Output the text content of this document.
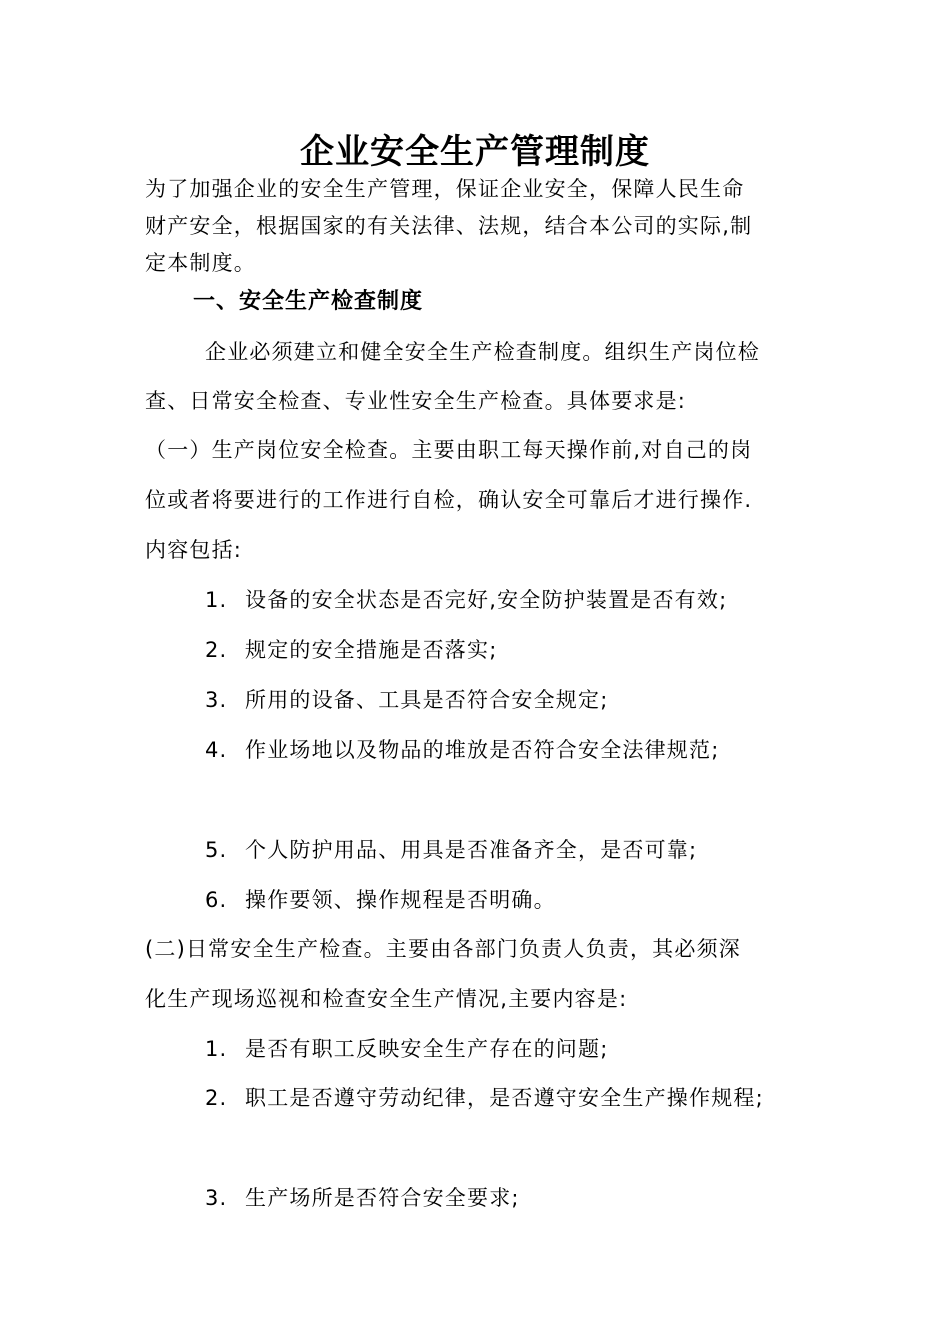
企业安全生产管理制度
为了加强企业的安全生产管理，保证企业安全，保障人民生命
财产安全，根据国家的有关法律、法规，结合本公司的实际,制
定本制度。
一、安全生产检查制度
企业必须建立和健全安全生产检查制度。组织生产岗位检
查、日常安全检查、专业性安全生产检查。具体要求是:
（一）生产岗位安全检查。主要由职工每天操作前,对自己的岗
位或者将要进行的工作进行自检，确认安全可靠后才进行操作.
内容包括:
1. 设备的安全状态是否完好,安全防护装置是否有效;
2. 规定的安全措施是否落实;
3. 所用的设备、工具是否符合安全规定;
4. 作业场地以及物品的堆放是否符合安全法律规范;
5. 个人防护用品、用具是否准备齐全，是否可靠;
6. 操作要领、操作规程是否明确。
(二)日常安全生产检查。主要由各部门负责人负责，其必须深
化生产现场巡视和检查安全生产情况,主要内容是:
1. 是否有职工反映安全生产存在的问题;
2. 职工是否遵守劳动纪律，是否遵守安全生产操作规程;
3. 生产场所是否符合安全要求;
